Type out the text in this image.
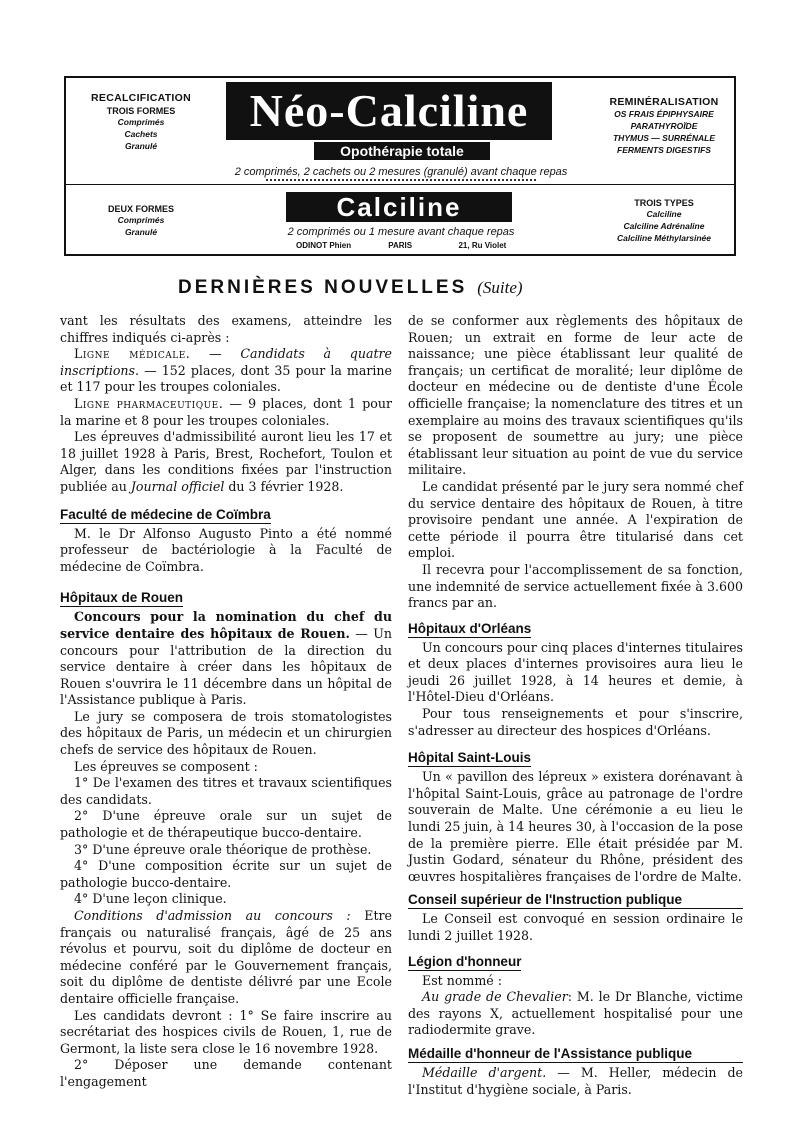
RECALCIFICATION
TROIS FORMES
Comprimés
Cachets
Granulé
DEUX FORMES
Comprimés
Granulé
REMINÉRALISATION
OS FRAIS ÉPIPHYSAIRE
PARATHYROÏDE
THYMUS — SURRÉNALE
FERMENTS DIGESTIFS
TROIS TYPES
Calciline
Calciline Adrénaline
Calciline Méthylarsinée
Néo-Calciline
Opothérapie totale
2 comprimés, 2 cachets ou 2 mesures (granulé) avant chaque repas
Calciline
2 comprimés ou 1 mesure avant chaque repas
ODINOT Phien	PARIS	21, Ru Violet
DERNIÈRES NOUVELLES (Suite)

vant les résultats des examens, atteindre les chiffres indiqués ci-après :

Ligne médicale. — Candidats à quatre inscriptions. — 152 places, dont 35 pour la marine et 117 pour les troupes coloniales.

Ligne pharmaceutique. — 9 places, dont 1 pour la marine et 8 pour les troupes coloniales.

Les épreuves d'admissibilité auront lieu les 17 et 18 juillet 1928 à Paris, Brest, Rochefort, Toulon et Alger, dans les conditions fixées par l'instruction publiée au Journal officiel du 3 février 1928.

Faculté de médecine de Coïmbra

M. le Dr Alfonso Augusto Pinto a été nommé professeur de bactériologie à la Faculté de médecine de Coïmbra.

Hôpitaux de Rouen

Concours pour la nomination du chef du service dentaire des hôpitaux de Rouen. — Un concours pour l'attribution de la direction du service dentaire à créer dans les hôpitaux de Rouen s'ouvrira le 11 décembre dans un hôpital de l'Assistance publique à Paris.

Le jury se composera de trois stomatologistes des hôpitaux de Paris, un médecin et un chirurgien chefs de service des hôpitaux de Rouen.

Les épreuves se composent :

1° De l'examen des titres et travaux scientifiques des candidats.

2° D'une épreuve orale sur un sujet de pathologie et de thérapeutique bucco-dentaire.

3° D'une épreuve orale théorique de prothèse.

4° D'une composition écrite sur un sujet de pathologie bucco-dentaire.

4° D'une leçon clinique.

Conditions d'admission au concours : Etre français ou naturalisé français, âgé de 25 ans révolus et pourvu, soit du diplôme de docteur en médecine conféré par le Gouvernement français, soit du diplôme de dentiste délivré par une Ecole dentaire officielle française.

Les candidats devront : 1° Se faire inscrire au secrétariat des hospices civils de Rouen, 1, rue de Germont, la liste sera close le 16 novembre 1928.

2° Déposer une demande contenant l'engagement

de se conformer aux règlements des hôpitaux de Rouen; un extrait en forme de leur acte de naissance; une pièce établissant leur qualité de français; un certificat de moralité; leur diplôme de docteur en médecine ou de dentiste d'une École officielle française; la nomenclature des titres et un exemplaire au moins des travaux scientifiques qu'ils se proposent de soumettre au jury; une pièce établissant leur situation au point de vue du service militaire.

Le candidat présenté par le jury sera nommé chef du service dentaire des hôpitaux de Rouen, à titre provisoire pendant une année. A l'expiration de cette période il pourra être titularisé dans cet emploi.

Il recevra pour l'accomplissement de sa fonction, une indemnité de service actuellement fixée à 3.600 francs par an.

Hôpitaux d'Orléans

Un concours pour cinq places d'internes titulaires et deux places d'internes provisoires aura lieu le jeudi 26 juillet 1928, à 14 heures et demie, à l'Hôtel-Dieu d'Orléans.

Pour tous renseignements et pour s'inscrire, s'adresser au directeur des hospices d'Orléans.

Hôpital Saint-Louis

Un « pavillon des lépreux » existera dorénavant à l'hôpital Saint-Louis, grâce au patronage de l'ordre souverain de Malte. Une cérémonie a eu lieu le lundi 25 juin, à 14 heures 30, à l'occasion de la pose de la première pierre. Elle était présidée par M. Justin Godard, sénateur du Rhône, président des œuvres hospitalières françaises de l'ordre de Malte.

Conseil supérieur de l'Instruction publique

Le Conseil est convoqué en session ordinaire le lundi 2 juillet 1928.

Légion d'honneur

Est nommé :

Au grade de Chevalier: M. le Dr Blanche, victime des rayons X, actuellement hospitalisé pour une radiodermite grave.

Médaille d'honneur de l'Assistance publique

Médaille d'argent. — M. Heller, médecin de l'Institut d'hygiène sociale, à Paris.
